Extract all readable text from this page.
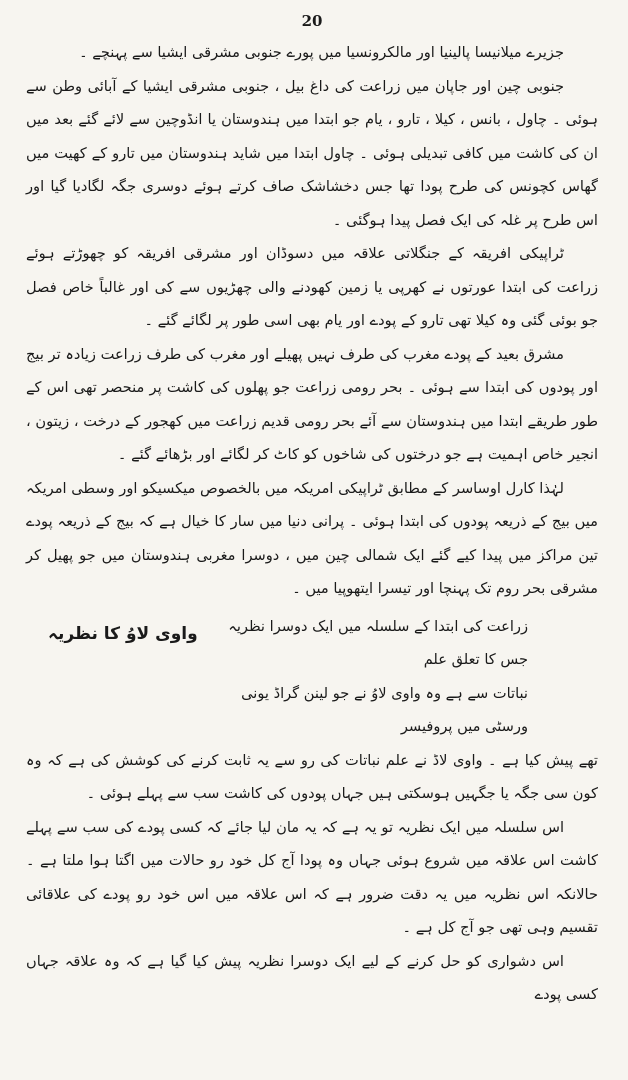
20

جزیرے میلانیسا پالینیا اور مالکرونسیا میں پورے جنوبی مشرقی ایشیا سے پہنچے ۔

جنوبی چین اور جاپان میں زراعت کی داغ بیل ، جنوبی مشرقی ایشیا کے آبائی وطن سے ہوئی ۔ چاول ، بانس ، کیلا ، تارو ، یام جو ابتدا میں ہندوستان یا انڈوچین سے لائے گئے بعد میں ان کی کاشت میں کافی تبدیلی ہوئی ۔ چاول ابتدا میں شاید ہندوستان میں تارو کے کھیت میں گھاس کچونس کی طرح پودا تھا جس دخشاشک صاف کرتے ہوئے دوسری جگہ لگادیا گیا اور اس طرح پر غلہ کی ایک فصل پیدا ہوگئی ۔

ٹراپیکی افریقہ کے جنگلاتی علاقہ میں دسوڈان اور مشرقی افریقہ کو چھوڑتے ہوئے زراعت کی ابتدا عورتوں نے کھرپی یا زمین کھودنے والی چھڑیوں سے کی اور غالباً خاص فصل جو بوئی گئی وہ کیلا تھی تارو کے پودے اور یام بھی اسی طور پر لگائے گئے ۔

مشرق بعید کے پودے مغرب کی طرف نہیں پھیلے اور مغرب کی طرف زراعت زیادہ تر بیج اور پودوں کی ابتدا سے ہوئی ۔ بحر رومی زراعت جو پھلوں کی کاشت پر منحصر تھی اس کے طور طریقے ابتدا میں ہندوستان سے آئے بحر رومی قدیم زراعت میں کھجور کے درخت ، زیتون ، انجیر خاص اہمیت ہے جو درختوں کی شاخوں کو کاٹ کر لگائے اور بڑھائے گئے ۔

لہٰذا کارل اوساسر کے مطابق ٹراپیکی امریکہ میں بالخصوص میکسیکو اور وسطی امریکہ میں بیج کے ذریعہ پودوں کی ابتدا ہوئی ۔ پرانی دنیا میں سار کا خیال ہے کہ بیج کے ذریعہ پودے تین مراکز میں پیدا کیے گئے ایک شمالی چین میں ، دوسرا مغربی ہندوستان میں جو پھیل کر مشرقی بحر روم تک پہنچا اور تیسرا ایتھوپیا میں ۔

زراعت کی ابتدا کے سلسلہ میں ایک دوسرا نظریہ جس کا تعلق علم

نباتات سے ہے وہ واوی لاوُ نے جو لینن گراڈ یونی ورسٹی میں پروفیسر

واوی لاوُ کا نظریہ

تھے پیش کیا ہے ۔ واوی لاڈ نے علم نباتات کی رو سے یہ ثابت کرنے کی کوشش کی ہے کہ وہ کون سی جگہ یا جگہیں ہوسکتی ہیں جہاں پودوں کی کاشت سب سے پہلے ہوئی ۔

اس سلسلہ میں ایک نظریہ تو یہ ہے کہ یہ مان لیا جائے کہ کسی پودے کی سب سے پہلے کاشت اس علاقہ میں شروع ہوئی جہاں وہ پودا آج کل خود رو حالات میں اگتا ہوا ملتا ہے ۔ حالانکہ اس نظریہ میں یہ دقت ضرور ہے کہ اس علاقہ میں اس خود رو پودے کی علاقائی تقسیم وہی تھی جو آج کل ہے ۔

اس دشواری کو حل کرنے کے لیے ایک دوسرا نظریہ پیش کیا گیا ہے کہ وہ علاقہ جہاں کسی پودے
